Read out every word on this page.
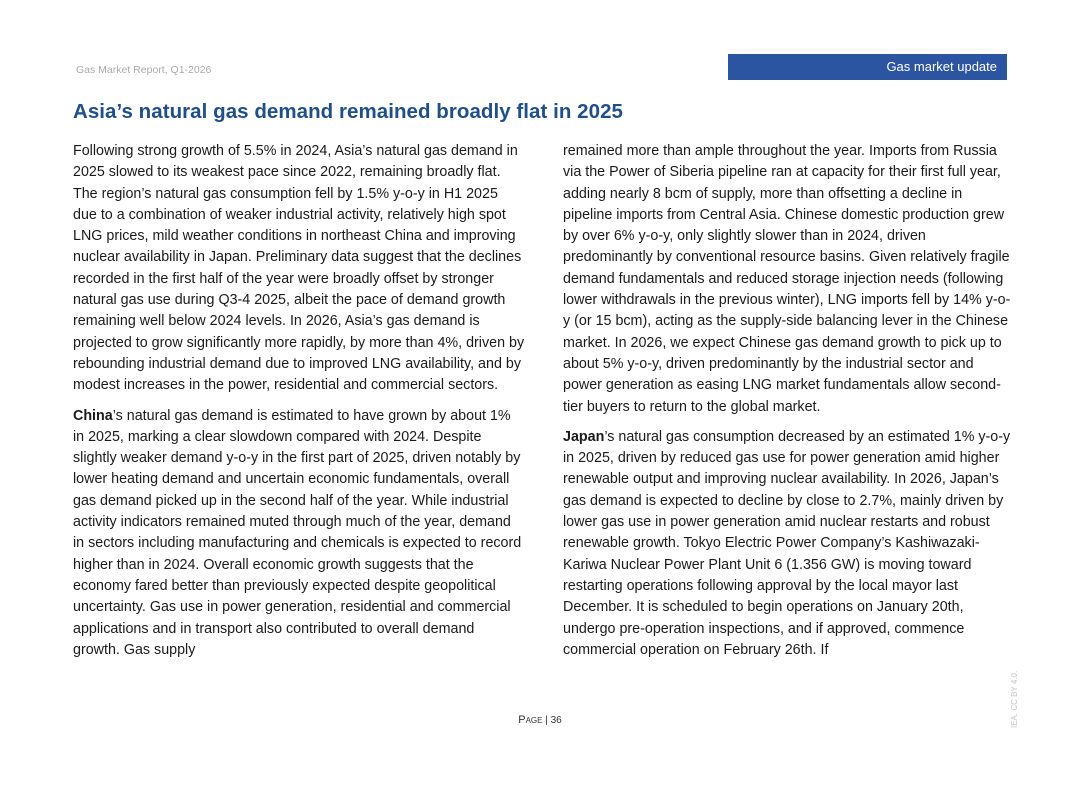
Gas Market Report, Q1-2026	Gas market update
Asia’s natural gas demand remained broadly flat in 2025

Following strong growth of 5.5% in 2024, Asia’s natural gas demand in 2025 slowed to its weakest pace since 2022, remaining broadly flat. The region’s natural gas consumption fell by 1.5% y-o-y in H1 2025 due to a combination of weaker industrial activity, relatively high spot LNG prices, mild weather conditions in northeast China and improving nuclear availability in Japan. Preliminary data suggest that the declines recorded in the first half of the year were broadly offset by stronger natural gas use during Q3-4 2025, albeit the pace of demand growth remaining well below 2024 levels. In 2026, Asia’s gas demand is projected to grow significantly more rapidly, by more than 4%, driven by rebounding industrial demand due to improved LNG availability, and by modest increases in the power, residential and commercial sectors.

China’s natural gas demand is estimated to have grown by about 1% in 2025, marking a clear slowdown compared with 2024. Despite slightly weaker demand y-o-y in the first part of 2025, driven notably by lower heating demand and uncertain economic fundamentals, overall gas demand picked up in the second half of the year. While industrial activity indicators remained muted through much of the year, demand in sectors including manufacturing and chemicals is expected to record higher than in 2024. Overall economic growth suggests that the economy fared better than previously expected despite geopolitical uncertainty. Gas use in power generation, residential and commercial applications and in transport also contributed to overall demand growth. Gas supply

remained more than ample throughout the year. Imports from Russia via the Power of Siberia pipeline ran at capacity for their first full year, adding nearly 8 bcm of supply, more than offsetting a decline in pipeline imports from Central Asia. Chinese domestic production grew by over 6% y-o-y, only slightly slower than in 2024, driven predominantly by conventional resource basins. Given relatively fragile demand fundamentals and reduced storage injection needs (following lower withdrawals in the previous winter), LNG imports fell by 14% y-o-y (or 15 bcm), acting as the supply-side balancing lever in the Chinese market. In 2026, we expect Chinese gas demand growth to pick up to about 5% y-o-y, driven predominantly by the industrial sector and power generation as easing LNG market fundamentals allow second-tier buyers to return to the global market.

Japan’s natural gas consumption decreased by an estimated 1% y-o-y in 2025, driven by reduced gas use for power generation amid higher renewable output and improving nuclear availability. In 2026, Japan’s gas demand is expected to decline by close to 2.7%, mainly driven by lower gas use in power generation amid nuclear restarts and robust renewable growth. Tokyo Electric Power Company’s Kashiwazaki-Kariwa Nuclear Power Plant Unit 6 (1.356 GW) is moving toward restarting operations following approval by the local mayor last December. It is scheduled to begin operations on January 20th, undergo pre-operation inspections, and if approved, commence commercial operation on February 26th. If

Page | 36	IEA. CC BY 4.0.
